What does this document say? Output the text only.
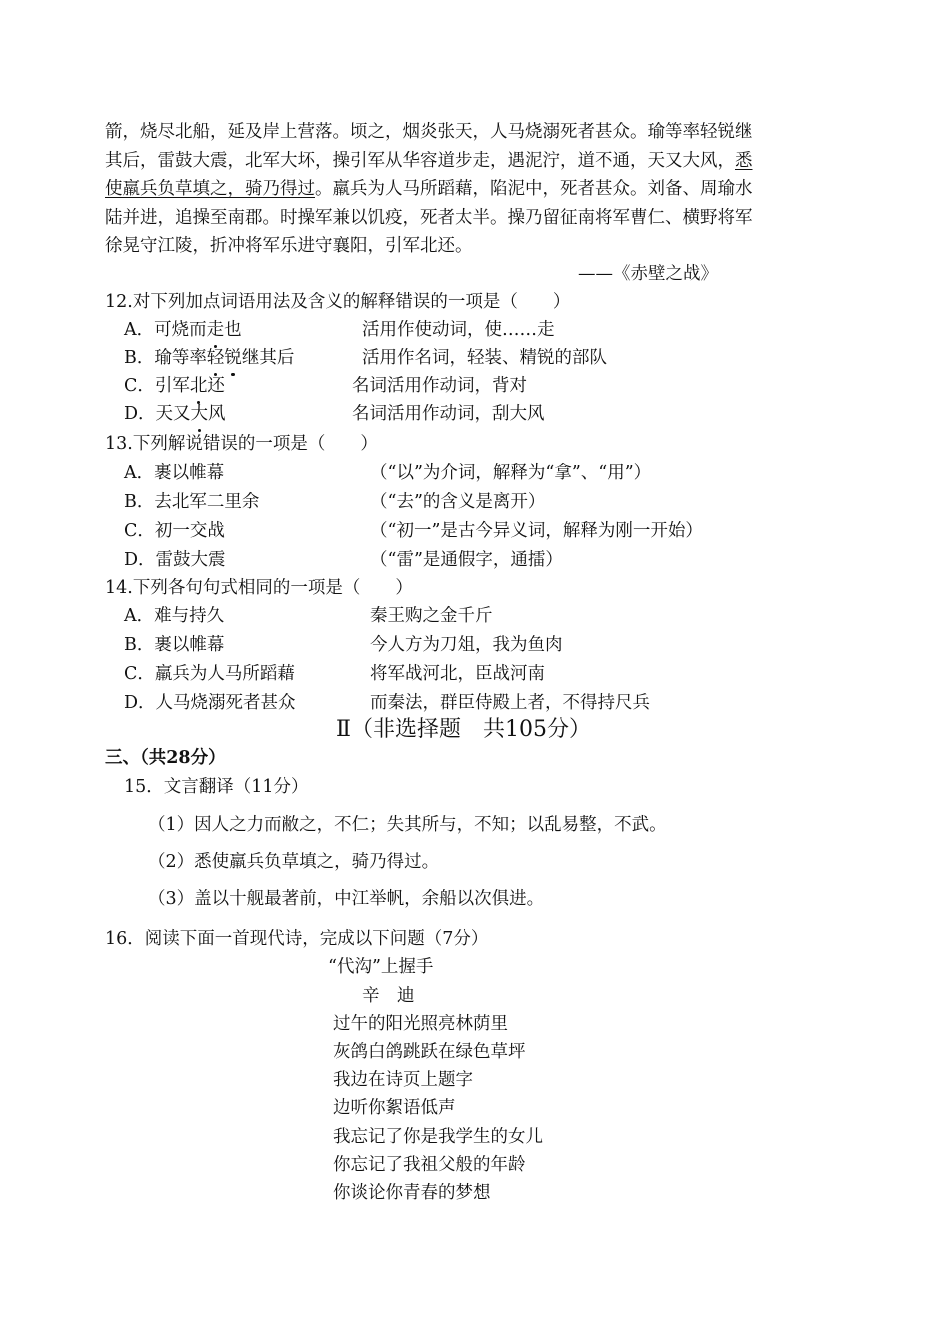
箭，烧尽北船，延及岸上营落。顷之，烟炎张天，人马烧溺死者甚众。瑜等率轻锐继
其后，雷鼓大震，北军大坏，操引军从华容道步走，遇泥泞，道不通，天又大风，悉
使羸兵负草填之，骑乃得过。羸兵为人马所蹈藉，陷泥中，死者甚众。刘备、周瑜水
陆并进，追操至南郡。时操军兼以饥疫，死者太半。操乃留征南将军曹仁、横野将军
徐晃守江陵，折冲将军乐进守襄阳，引军北还。
——《赤壁之战》
12.对下列加点词语用法及含义的解释错误的一项是（　　）
A．可烧而走也	活用作使动词，使……走
B．瑜等率轻锐继其后	活用作名词，轻装、精锐的部队
C．引军北还	名词活用作动词，背对
D．天又大风	名词活用作动词，刮大风
13.下列解说错误的一项是（　　）
A．裹以帷幕	（“以”为介词，解释为“拿”、“用”）
B．去北军二里余	（“去”的含义是离开）
C．初一交战	（“初一”是古今异义词，解释为刚一开始）
D．雷鼓大震	（“雷”是通假字，通擂）
14.下列各句句式相同的一项是（　　）
A．难与持久	秦王购之金千斤
B．裹以帷幕	今人方为刀俎，我为鱼肉
C．羸兵为人马所蹈藉	将军战河北，臣战河南
D．人马烧溺死者甚众	而秦法，群臣侍殿上者，不得持尺兵
Ⅱ（非选择题　共105分）
三、（共28分）
15．文言翻译（11分）
（1）因人之力而敝之，不仁；失其所与，不知；以乱易整，不武。
（2）悉使羸兵负草填之，骑乃得过。
（3）盖以十舰最著前，中江举帆，余船以次俱进。
16．阅读下面一首现代诗，完成以下问题（7分）
“代沟”上握手
辛　迪
过午的阳光照亮林荫里
灰鸽白鸽跳跃在绿色草坪
我边在诗页上题字
边听你絮语低声
我忘记了你是我学生的女儿
你忘记了我祖父般的年龄
你谈论你青春的梦想
